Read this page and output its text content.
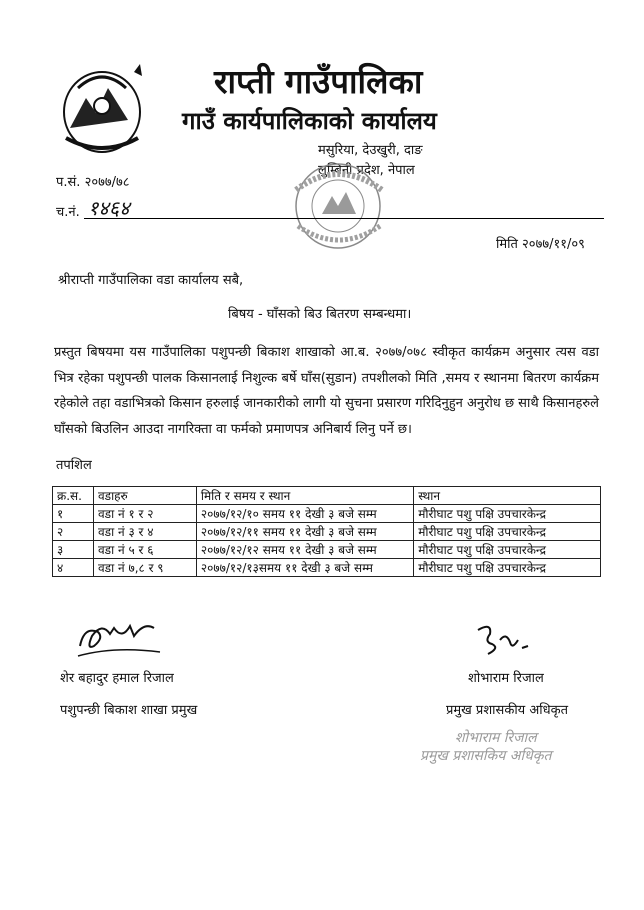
राप्ती गाउँपालिका
गाउँ कार्यपालिकाको कार्यालय
मसुरिया, देउखुरी, दाङ
लुम्बिनी प्रदेश, नेपाल
प.सं. २०७७/७८
च.नं. १४६४
मिति २०७७/११/०९
श्रीराप्ती गाउँपालिका वडा कार्यालय सबै,
बिषय - घाँसको बिउ बितरण सम्बन्धमा।
प्रस्तुत बिषयमा यस गाउँपालिका पशुपन्छी बिकाश शाखाको आ.ब. २०७७/०७८ स्वीकृत कार्यक्रम अनुसार त्यस वडा भित्र रहेका पशुपन्छी पालक किसानलाई निशुल्क बर्षे घाँस(सुडान) तपशीलको मिति ,समय र स्थानमा बितरण कार्यक्रम रहेकोले तहा वडाभित्रको किसान हरुलाई जानकारीको लागी यो सुचना प्रसारण गरिदिनुहुन अनुरोध छ साथै किसानहरुले घाँसको बिउलिन आउदा नागरिक्ता वा फर्मको प्रमाणपत्र अनिबार्य लिनु पर्ने छ।
तपशिल
क्र.स.	वडाहरु	मिति र समय र स्थान	स्थान
१	वडा नं १ र २	२०७७/१२/१० समय ११ देखी ३ बजे सम्म	मौरीघाट पशु पक्षि उपचारकेन्द्र
२	वडा नं ३ र ४	२०७७/१२/११ समय ११ देखी ३ बजे सम्म	मौरीघाट पशु पक्षि उपचारकेन्द्र
३	वडा नं ५ र ६	२०७७/१२/१२ समय ११ देखी ३ बजे सम्म	मौरीघाट पशु पक्षि उपचारकेन्द्र
४	वडा नं ७,८ र ९	२०७७/१२/१३समय ११ देखी ३ बजे सम्म	मौरीघाट पशु पक्षि उपचारकेन्द्र
शेर बहादुर हमाल रिजाल
पशुपन्छी बिकाश शाखा प्रमुख
शोभाराम रिजाल
प्रमुख प्रशासकीय अधिकृत
शोभाराम रिजाल
प्रमुख प्रशासकिय अधिकृत
